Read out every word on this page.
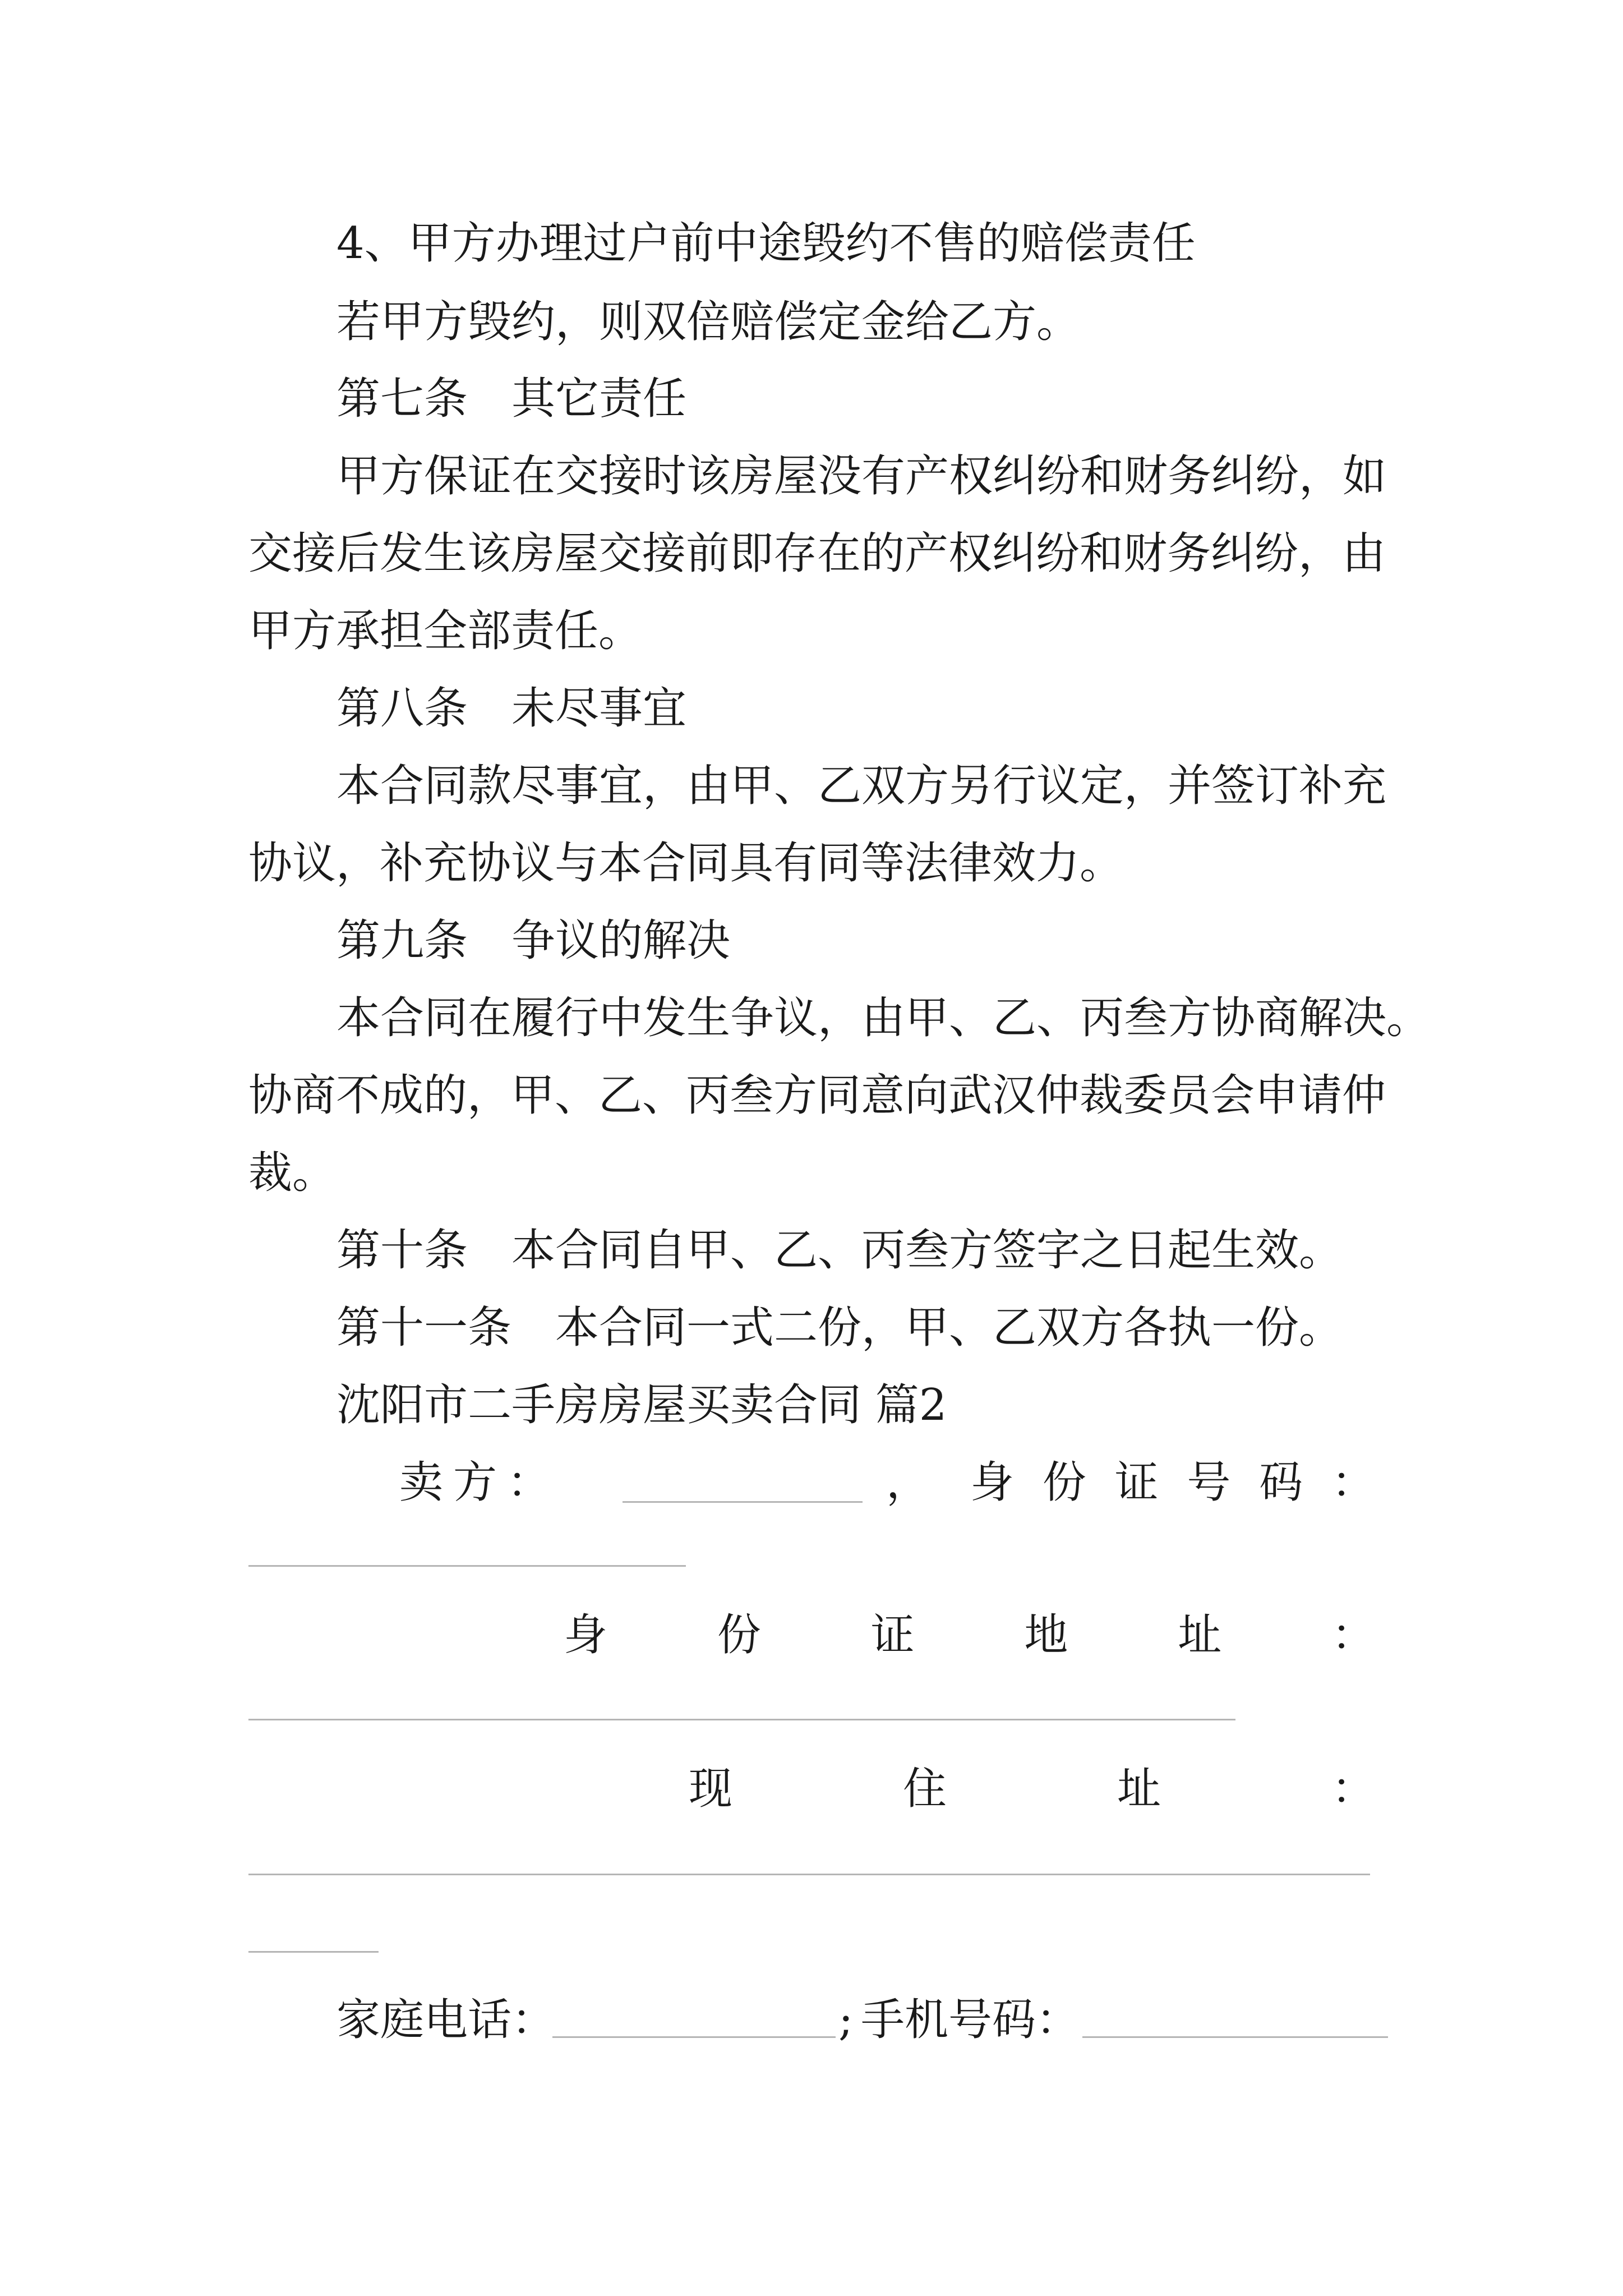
4、甲方办理过户前中途毁约不售的赔偿责任
若甲方毁约，则双倍赔偿定金给乙方。
第七条　其它责任
甲方保证在交接时该房屋没有产权纠纷和财务纠纷，如
交接后发生该房屋交接前即存在的产权纠纷和财务纠纷，由
甲方承担全部责任。
第八条　未尽事宜
本合同款尽事宜，由甲、乙双方另行议定，并签订补充
协议，补充协议与本合同具有同等法律效力。
第九条　争议的解决
本合同在履行中发生争议，由甲、乙、丙叁方协商解决。
协商不成的，甲、乙、丙叁方同意向武汉仲裁委员会申请仲
裁。
第十条　本合同自甲、乙、丙叁方签字之日起生效。
第十一条　本合同一式二份，甲、乙双方各执一份。
沈阳市二手房房屋买卖合同 篇2
卖 方 ：	， 身 份 证 号 码 ：
身	份	证	地	址	：
现	住	址	：
家庭电话：	; 手机号码：
